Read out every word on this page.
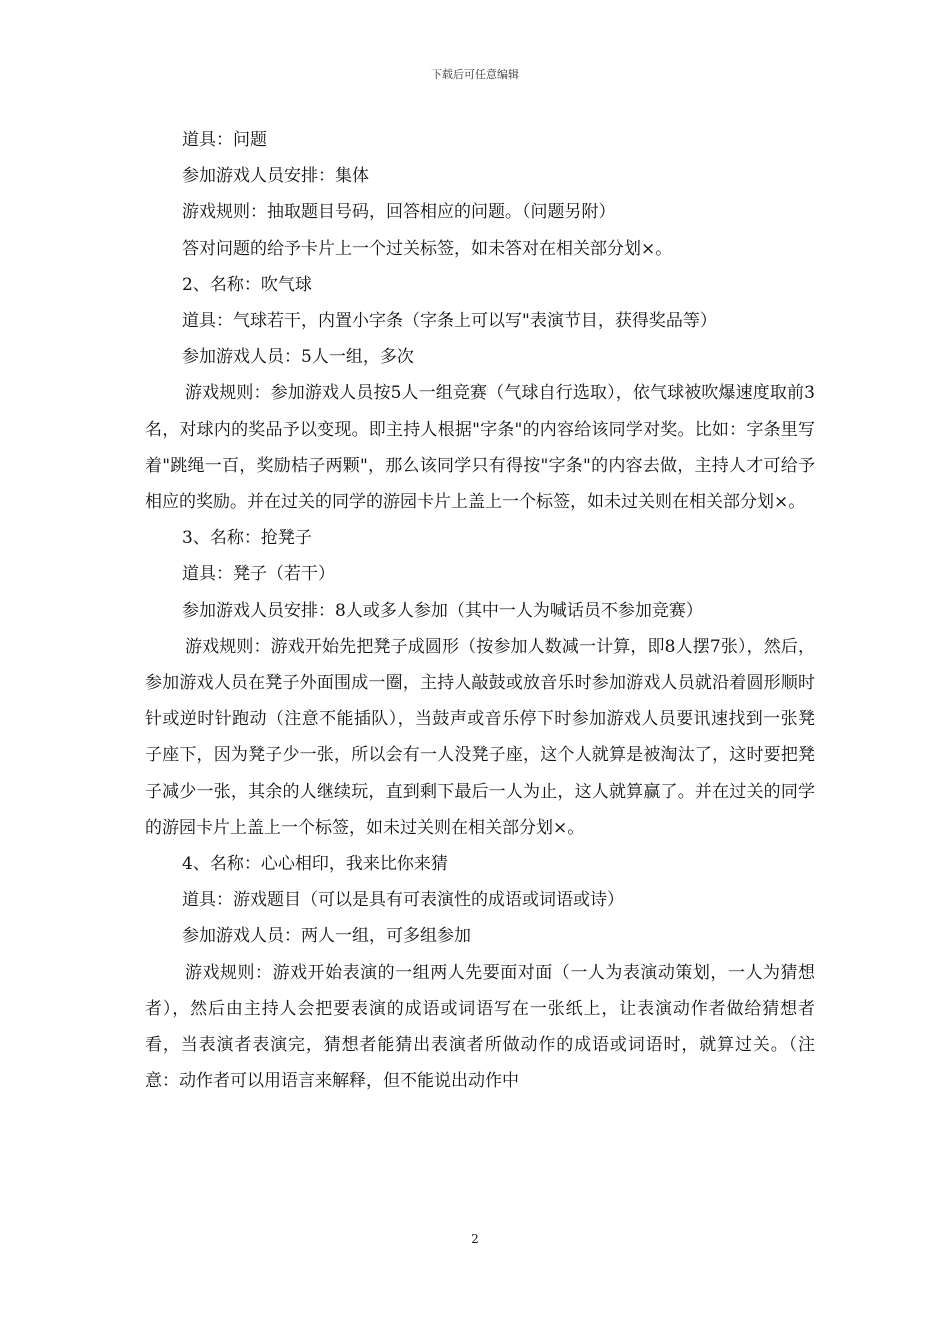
下载后可任意编辑

道具：问题

参加游戏人员安排：集体

游戏规则：抽取题目号码，回答相应的问题。（问题另附）

答对问题的给予卡片上一个过关标签，如未答对在相关部分划×。

2、名称：吹气球

道具：气球若干，内置小字条（字条上可以写"表演节目，获得奖品等）

参加游戏人员：5人一组，多次

游戏规则：参加游戏人员按5人一组竞赛（气球自行选取），依气球被吹爆速度取前3名，对球内的奖品予以变现。即主持人根据"字条"的内容给该同学对奖。比如：字条里写着"跳绳一百，奖励桔子两颗"，那么该同学只有得按"字条"的内容去做，主持人才可给予相应的奖励。并在过关的同学的游园卡片上盖上一个标签，如未过关则在相关部分划×。

3、名称：抢凳子

道具：凳子（若干）

参加游戏人员安排：8人或多人参加（其中一人为喊话员不参加竞赛）

游戏规则：游戏开始先把凳子成圆形（按参加人数减一计算，即8人摆7张），然后，参加游戏人员在凳子外面围成一圈，主持人敲鼓或放音乐时参加游戏人员就沿着圆形顺时针或逆时针跑动（注意不能插队），当鼓声或音乐停下时参加游戏人员要讯速找到一张凳子座下，因为凳子少一张，所以会有一人没凳子座，这个人就算是被淘汰了，这时要把凳子减少一张，其余的人继续玩，直到剩下最后一人为止，这人就算赢了。并在过关的同学的游园卡片上盖上一个标签，如未过关则在相关部分划×。

4、名称：心心相印，我来比你来猜

道具：游戏题目（可以是具有可表演性的成语或词语或诗）

参加游戏人员：两人一组，可多组参加

游戏规则：游戏开始表演的一组两人先要面对面（一人为表演动策划，一人为猜想者），然后由主持人会把要表演的成语或词语写在一张纸上，让表演动作者做给猜想者看，当表演者表演完，猜想者能猜出表演者所做动作的成语或词语时，就算过关。（注意：动作者可以用语言来解释，但不能说出动作中

2
